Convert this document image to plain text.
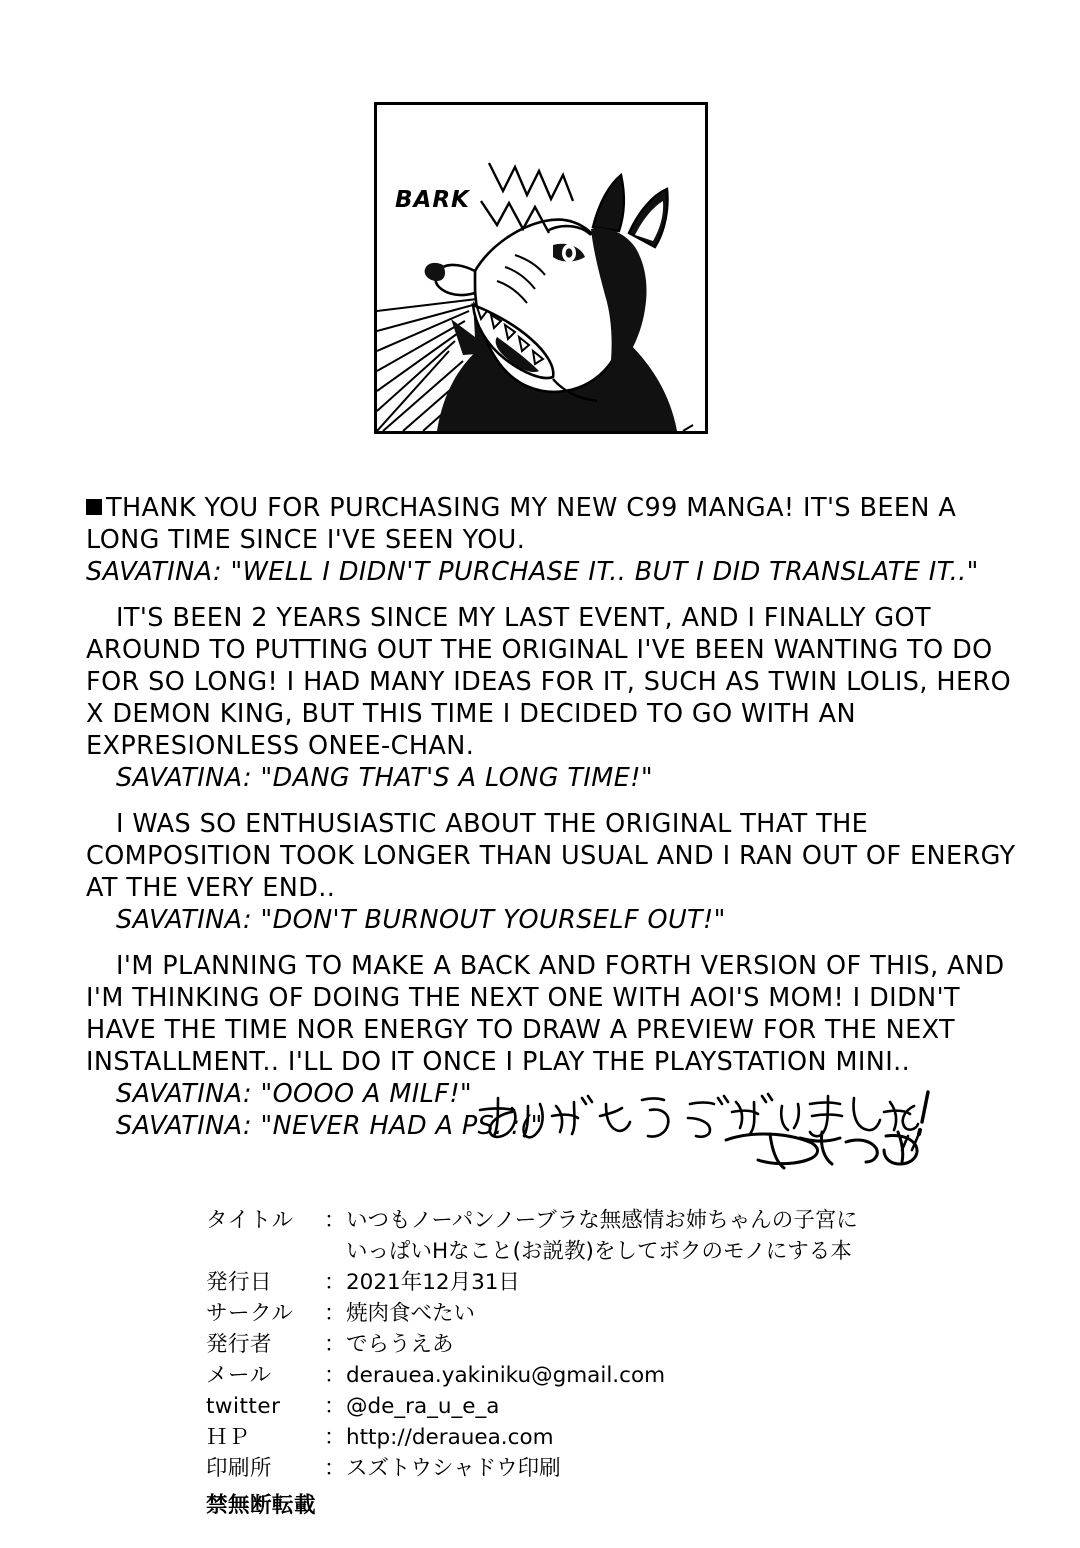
BARK

THANK YOU FOR PURCHASING MY NEW C99 MANGA! IT'S BEEN A LONG TIME SINCE I'VE SEEN YOU.

SAVATINA: "WELL I DIDN'T PURCHASE IT.. BUT I DID TRANSLATE IT.."

IT'S BEEN 2 YEARS SINCE MY LAST EVENT, AND I FINALLY GOT AROUND TO PUTTING OUT THE ORIGINAL I'VE BEEN WANTING TO DO FOR SO LONG! I HAD MANY IDEAS FOR IT, SUCH AS TWIN LOLIS, HERO X DEMON KING, BUT THIS TIME I DECIDED TO GO WITH AN EXPRESIONLESS ONEE-CHAN.

SAVATINA: "DANG THAT'S A LONG TIME!"

I WAS SO ENTHUSIASTIC ABOUT THE ORIGINAL THAT THE COMPOSITION TOOK LONGER THAN USUAL AND I RAN OUT OF ENERGY AT THE VERY END..

SAVATINA: "DON'T BURNOUT YOURSELF OUT!"

I'M PLANNING TO MAKE A BACK AND FORTH VERSION OF THIS, AND I'M THINKING OF DOING THE NEXT ONE WITH AOI'S MOM! I DIDN'T HAVE THE TIME NOR ENERGY TO DRAW A PREVIEW FOR THE NEXT INSTALLMENT.. I'LL DO IT ONCE I PLAY THE PLAYSTATION MINI..

SAVATINA: "OOOO A MILF!"

SAVATINA: "NEVER HAD A PS. :("

タイトル	： いつもノーパンノーブラな無感情お姉ちゃんの子宮に
いっぱいHなこと(お説教)をしてボクのモノにする本
発行日	： 2021年12月31日
サークル	： 焼肉食べたい
発行者	： でらうえあ
メール	： derauea.yakiniku@gmail.com
twitter	： @de_ra_u_e_a
ＨＰ	： http://derauea.com
印刷所	： スズトウシャドウ印刷
禁無断転載
